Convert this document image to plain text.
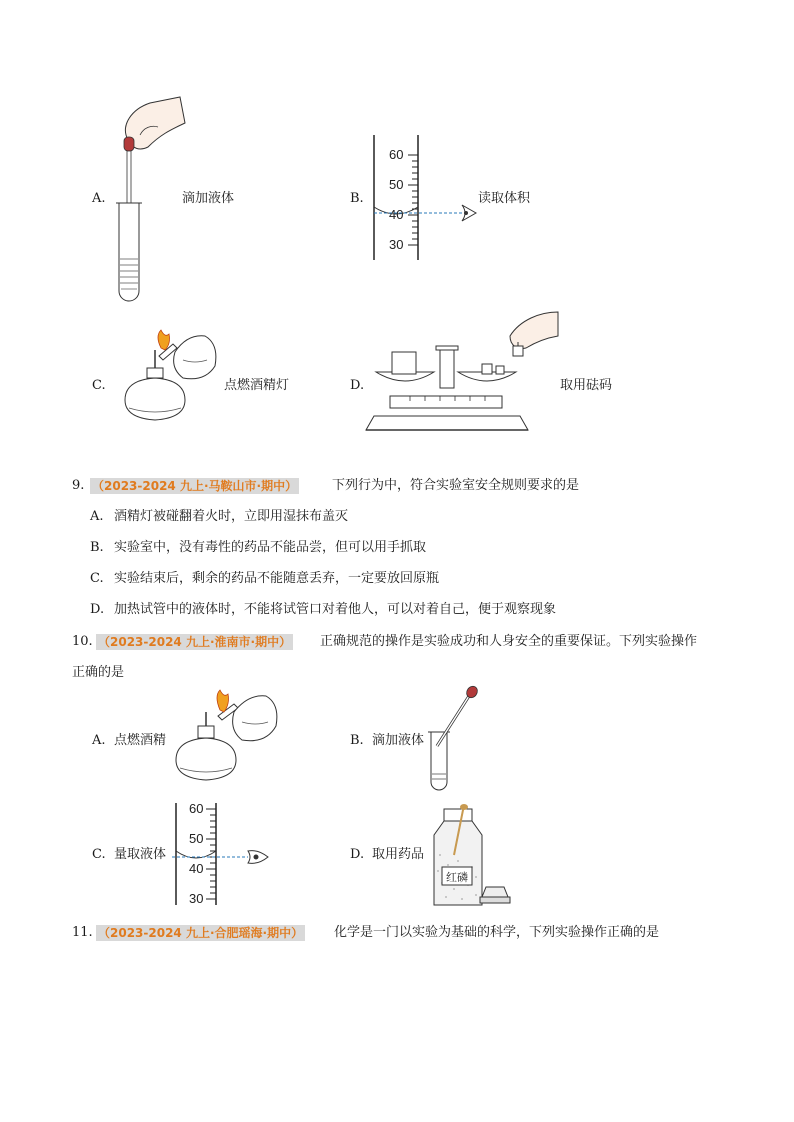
A.	滴加液体	B.	读取体积
C.	点燃酒精灯	D.	取用砝码
60
50
40
30
9. （2023-2024 九上·马鞍山市·期中）	下列行为中，符合实验室安全规则要求的是
A. 酒精灯被碰翻着火时，立即用湿抹布盖灭
B. 实验室中，没有毒性的药品不能品尝，但可以用手抓取
C. 实验结束后，剩余的药品不能随意丢弃，一定要放回原瓶
D. 加热试管中的液体时，不能将试管口对着他人，可以对着自己，便于观察现象
10. （2023-2024 九上·淮南市·期中） 正确规范的操作是实验成功和人身安全的重要保证。下列实验操作
正确的是
A. 点燃酒精	B. 滴加液体
C. 量取液体	D. 取用药品
60
50
40
30
红磷
11. （2023-2024 九上·合肥瑶海·期中） 化学是一门以实验为基础的科学，下列实验操作正确的是
